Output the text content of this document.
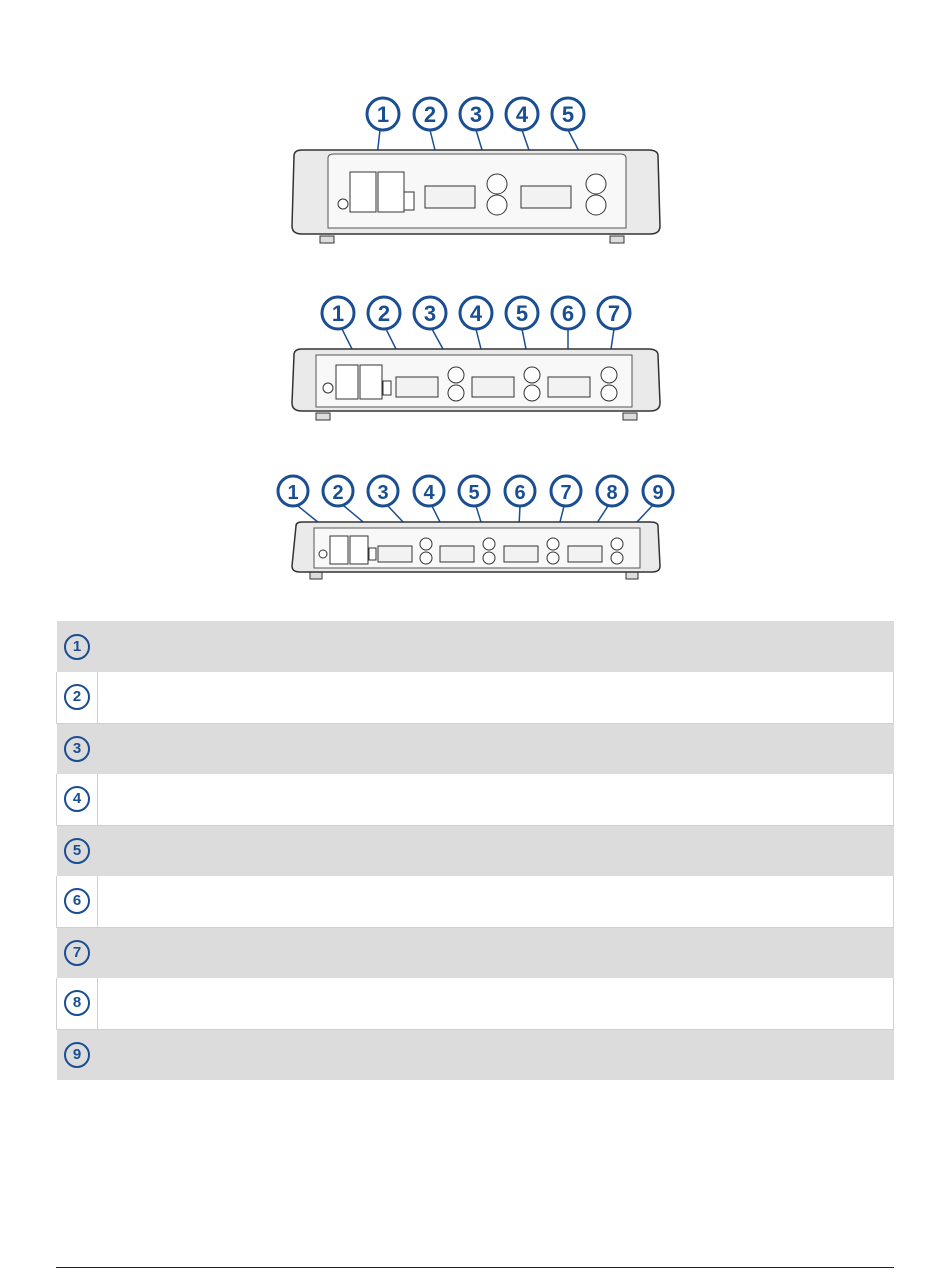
1 2 3 4 5
1 2 3 4 5 6 7
1 2 3 4 5 6 7 8 9
1	
2	
3	
4	
5	
6	
7	
8	
9	
